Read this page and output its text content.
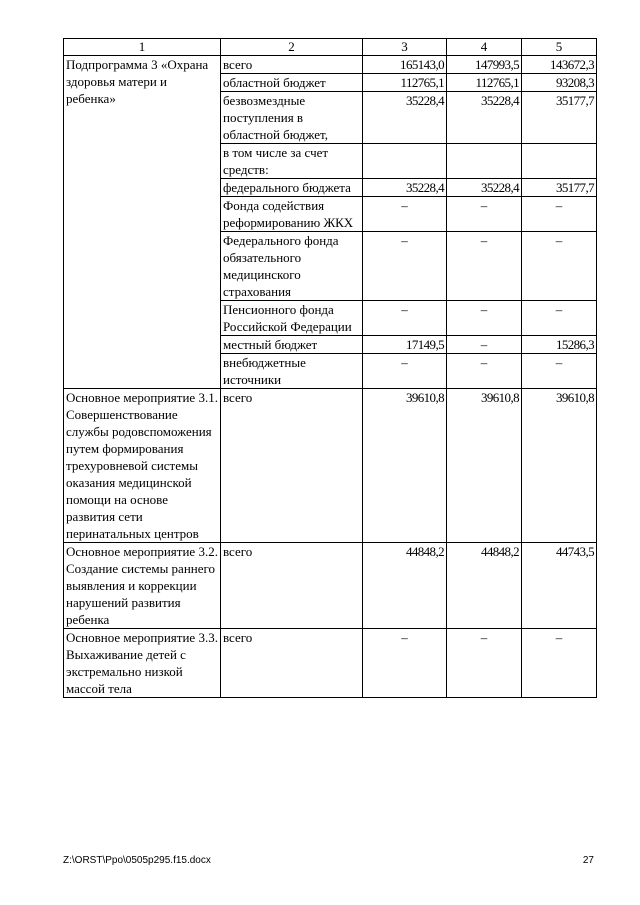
1	2	3	4	5
Подпрограмма 3 «Охрана здоровья матери и ребенка»	всего	165143,0	147993,5	143672,3
	областной бюджет	112765,1	112765,1	93208,3
	безвозмездные поступления в областной бюджет,	35228,4	35228,4	35177,7
	в том числе за счет средств:			
	федерального бюджета	35228,4	35228,4	35177,7
	Фонда содействия реформированию ЖКХ	–	–	–
	Федерального фонда обязательного медицинского страхования	–	–	–
	Пенсионного фонда Российской Федерации	–	–	–
	местный бюджет	17149,5	–	15286,3
	внебюджетные источники	–	–	–
Основное мероприятие 3.1. Совершенствование службы родовспоможения путем формирования трехуровневой системы оказания медицинской помощи на основе развития сети перинатальных центров	всего	39610,8	39610,8	39610,8
Основное мероприятие 3.2. Создание системы раннего выявления и коррекции нарушений развития ребенка	всего	44848,2	44848,2	44743,5
Основное мероприятие 3.3. Выхаживание детей с экстремально низкой массой тела	всего	–	–	–
Z:\ORST\Ppo\0505p295.f15.docx	27
